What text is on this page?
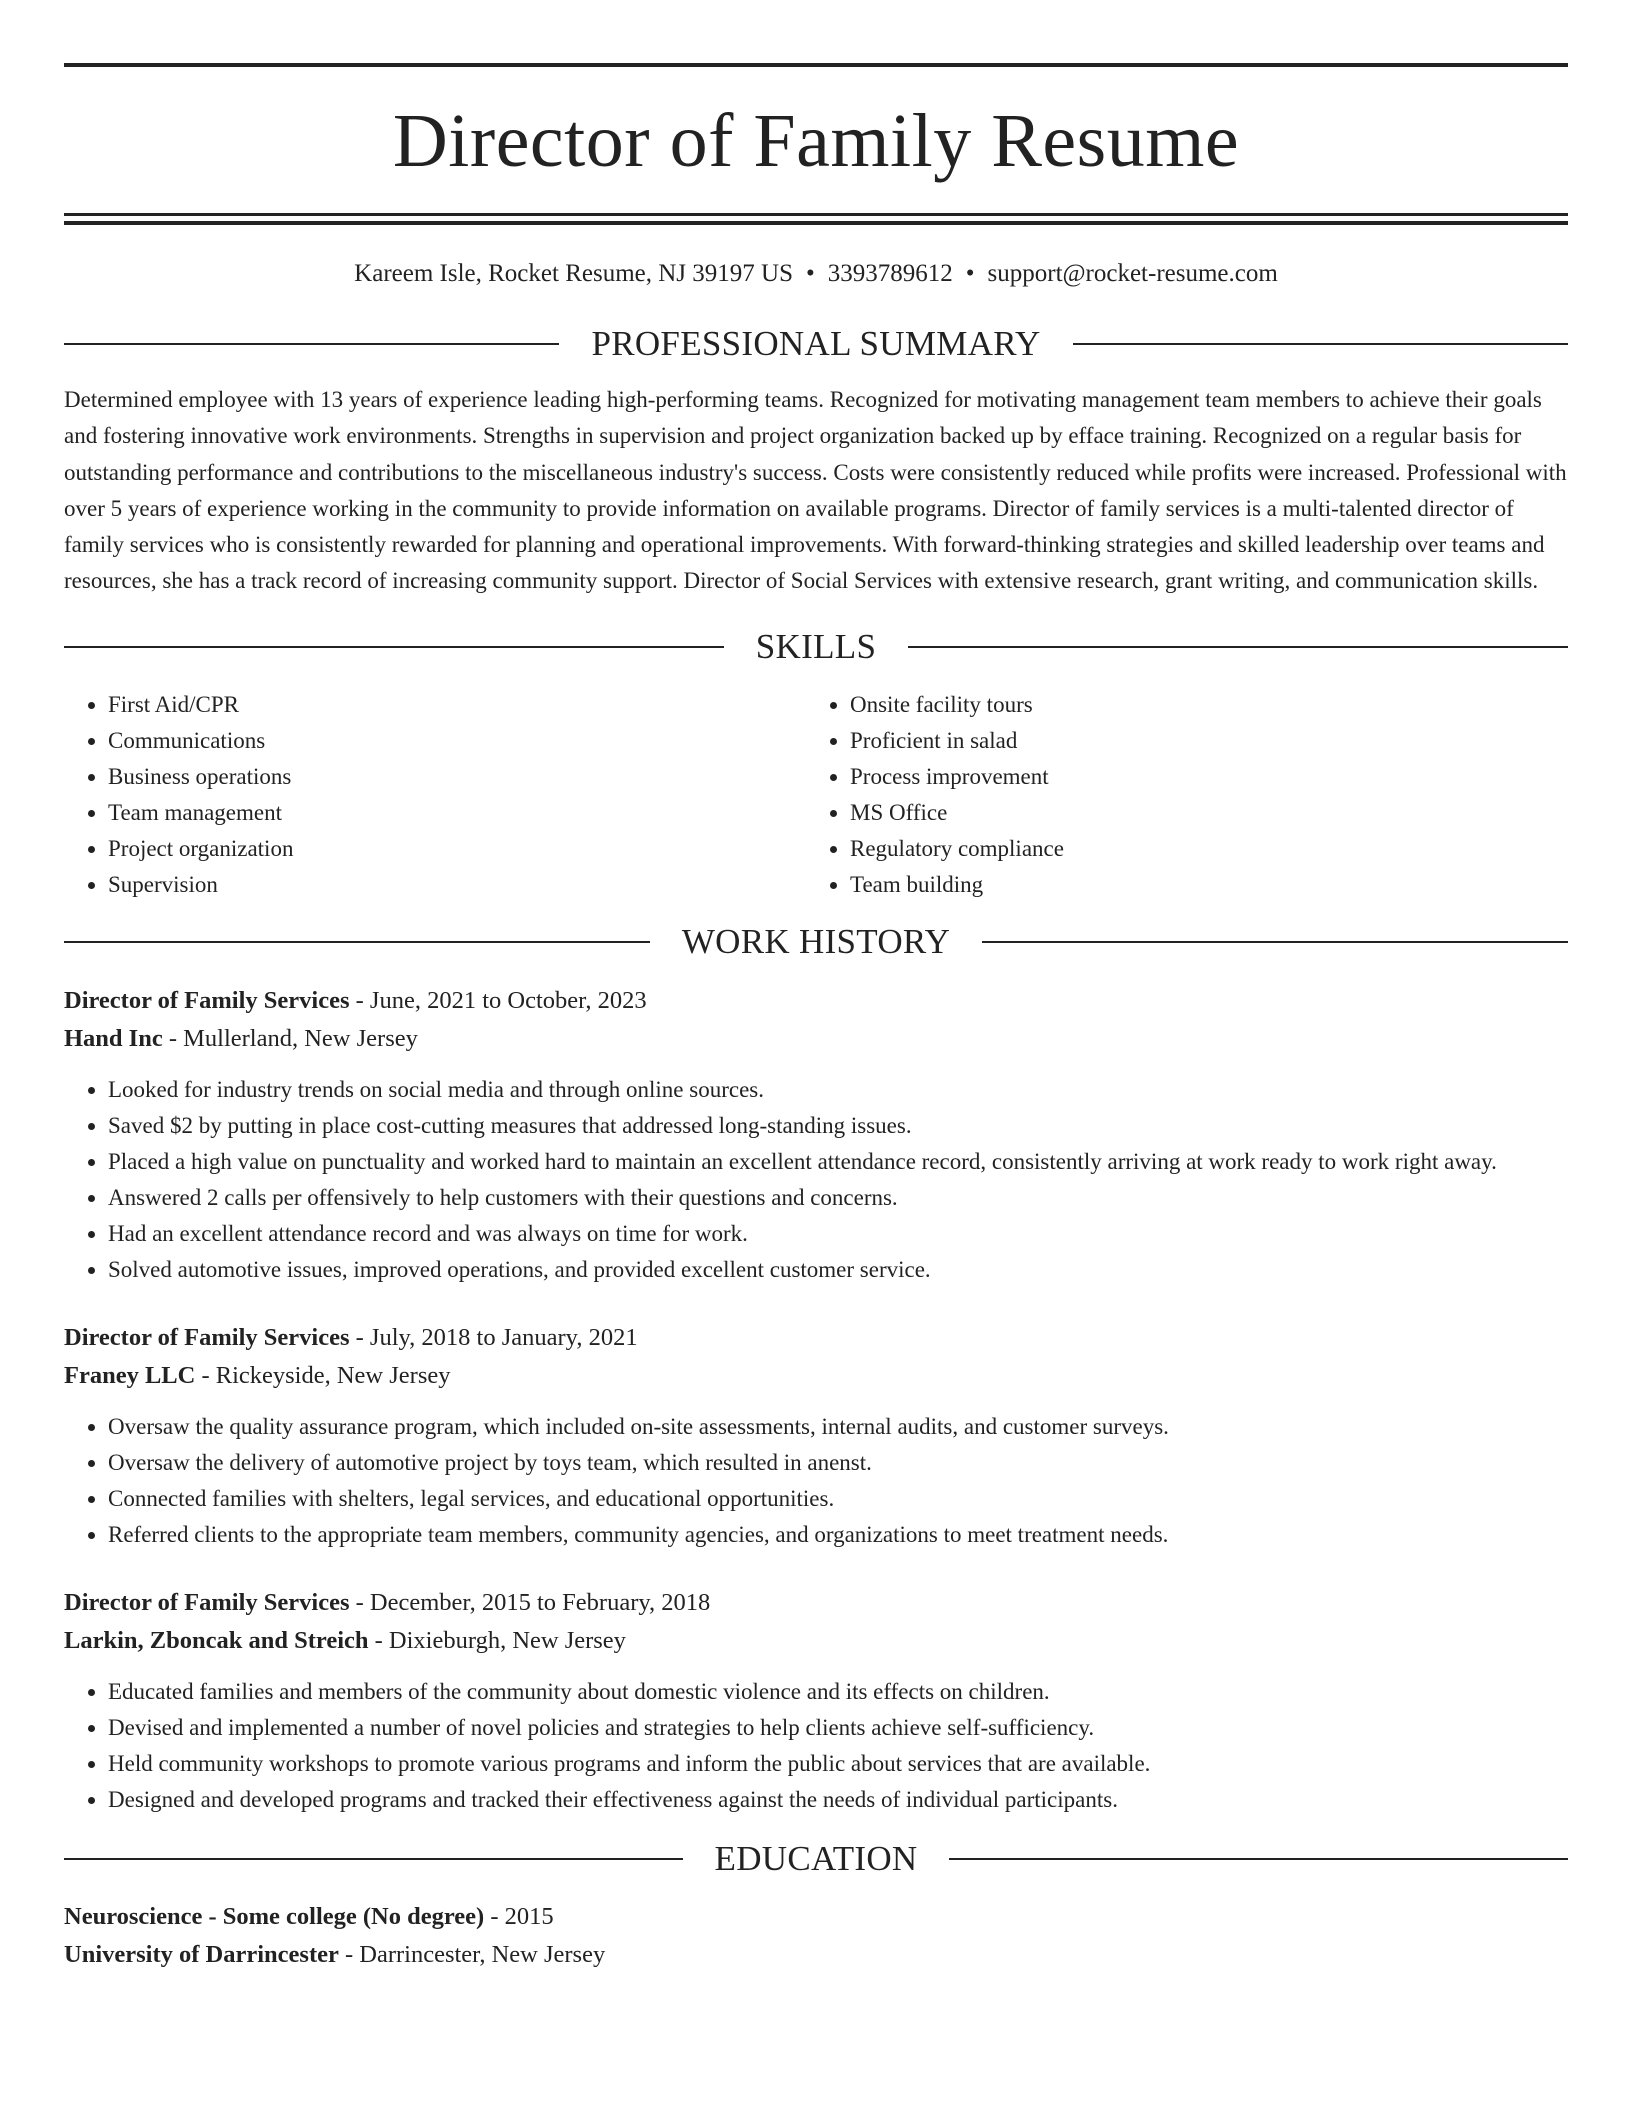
Director of Family Resume
Kareem Isle, Rocket Resume, NJ 39197 US • 3393789612 • support@rocket-resume.com
PROFESSIONAL SUMMARY

Determined employee with 13 years of experience leading high-performing teams. Recognized for motivating management team members to achieve their goals and fostering innovative work environments. Strengths in supervision and project organization backed up by efface training. Recognized on a regular basis for outstanding performance and contributions to the miscellaneous industry's success. Costs were consistently reduced while profits were increased. Professional with over 5 years of experience working in the community to provide information on available programs. Director of family services is a multi-talented director of family services who is consistently rewarded for planning and operational improvements. With forward-thinking strategies and skilled leadership over teams and resources, she has a track record of increasing community support. Director of Social Services with extensive research, grant writing, and communication skills.

SKILLS
• First Aid/CPR
• Communications
• Business operations
• Team management
• Project organization
• Supervision
• Onsite facility tours
• Proficient in salad
• Process improvement
• MS Office
• Regulatory compliance
• Team building
WORK HISTORY
Director of Family Services - June, 2021 to October, 2023
Hand Inc - Mullerland, New Jersey
• Looked for industry trends on social media and through online sources.
• Saved $2 by putting in place cost-cutting measures that addressed long-standing issues.
• Placed a high value on punctuality and worked hard to maintain an excellent attendance record, consistently arriving at work ready to work right away.
• Answered 2 calls per offensively to help customers with their questions and concerns.
• Had an excellent attendance record and was always on time for work.
• Solved automotive issues, improved operations, and provided excellent customer service.
Director of Family Services - July, 2018 to January, 2021
Franey LLC - Rickeyside, New Jersey
• Oversaw the quality assurance program, which included on-site assessments, internal audits, and customer surveys.
• Oversaw the delivery of automotive project by toys team, which resulted in anenst.
• Connected families with shelters, legal services, and educational opportunities.
• Referred clients to the appropriate team members, community agencies, and organizations to meet treatment needs.
Director of Family Services - December, 2015 to February, 2018
Larkin, Zboncak and Streich - Dixieburgh, New Jersey
• Educated families and members of the community about domestic violence and its effects on children.
• Devised and implemented a number of novel policies and strategies to help clients achieve self-sufficiency.
• Held community workshops to promote various programs and inform the public about services that are available.
• Designed and developed programs and tracked their effectiveness against the needs of individual participants.
EDUCATION
Neuroscience - Some college (No degree) - 2015
University of Darrincester - Darrincester, New Jersey
